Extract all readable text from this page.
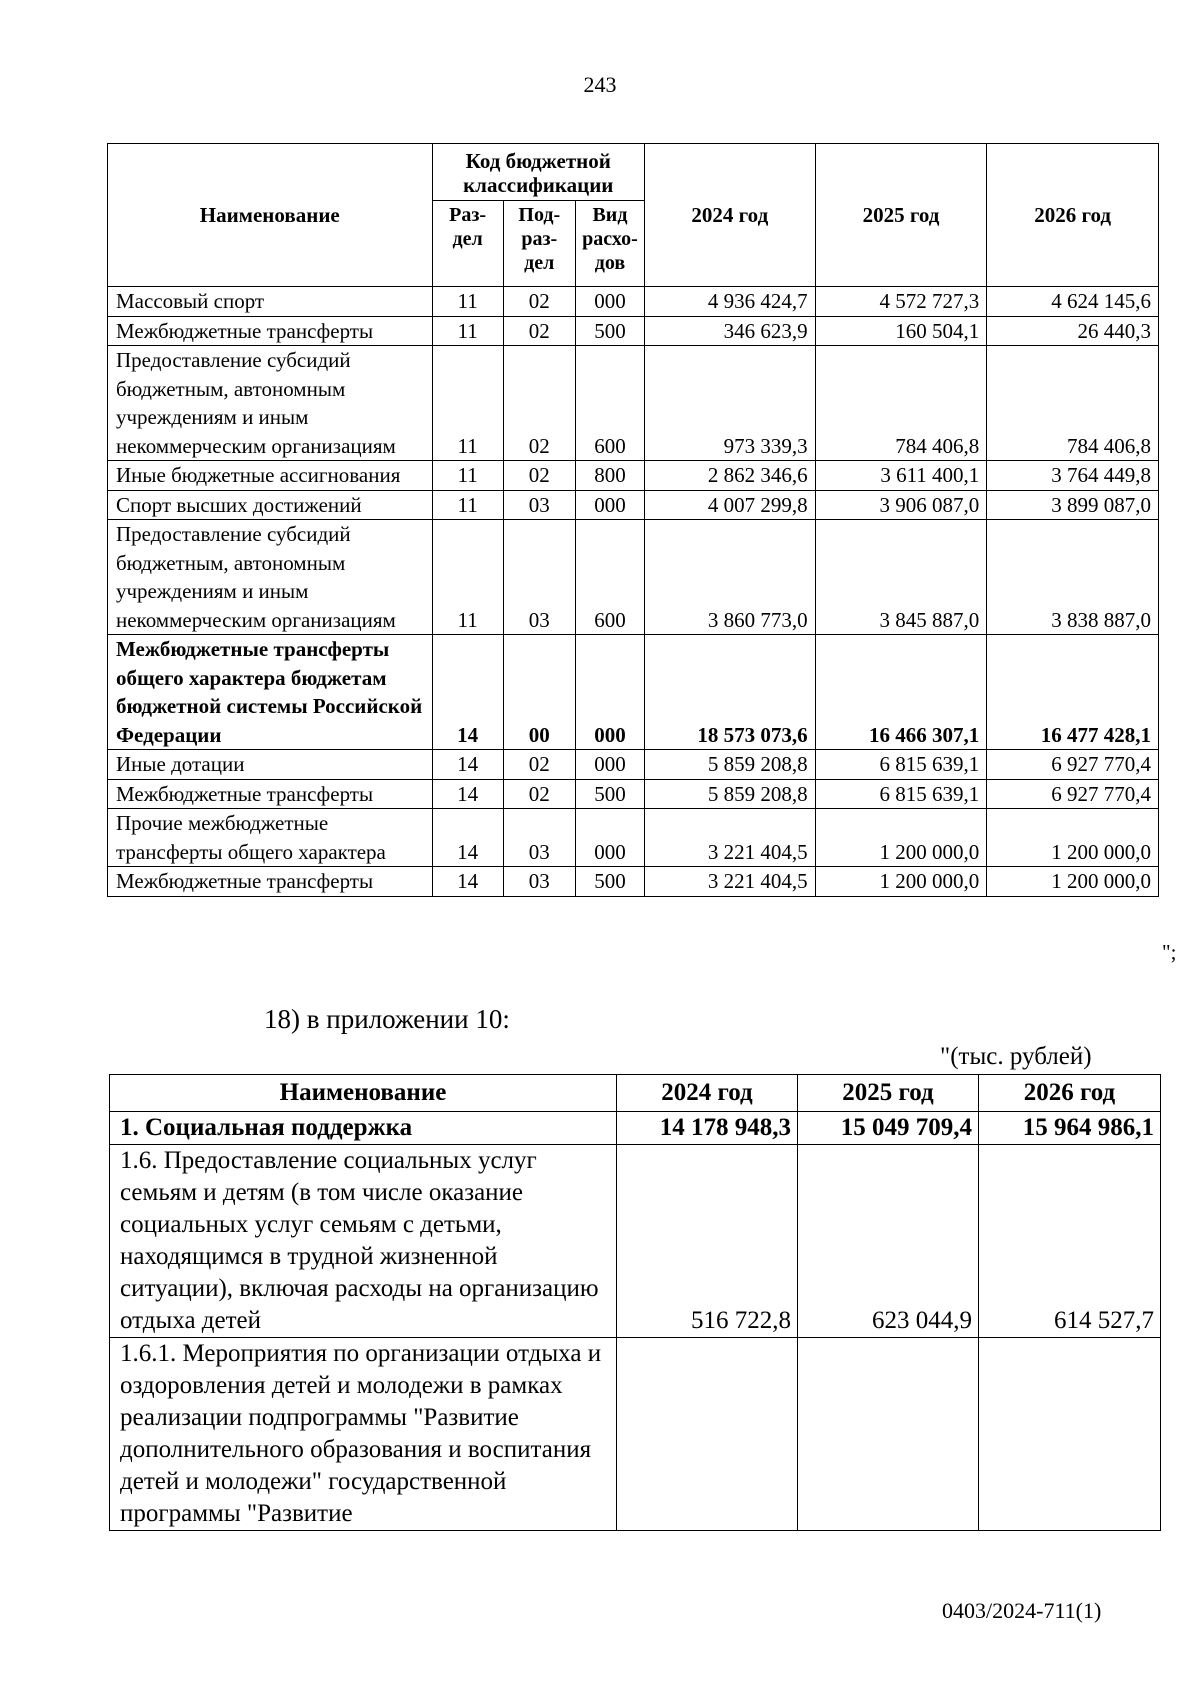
243
Наименование	Код бюджетной классификации			2024 год	2025 год	2026 год
	Раз- дел	Под- раз- дел	Вид расхо- дов			
Массовый спорт	11	02	000	4 936 424,7	4 572 727,3	4 624 145,6
Межбюджетные трансферты	11	02	500	346 623,9	160 504,1	26 440,3
Предоставление субсидий бюджетным, автономным учреждениям и иным некоммерческим организациям	11	02	600	973 339,3	784 406,8	784 406,8
Иные бюджетные ассигнования	11	02	800	2 862 346,6	3 611 400,1	3 764 449,8
Спорт высших достижений	11	03	000	4 007 299,8	3 906 087,0	3 899 087,0
Предоставление субсидий бюджетным, автономным учреждениям и иным некоммерческим организациям	11	03	600	3 860 773,0	3 845 887,0	3 838 887,0
Межбюджетные трансферты общего характера бюджетам бюджетной системы Российской Федерации	14	00	000	18 573 073,6	16 466 307,1	16 477 428,1
Иные дотации	14	02	000	5 859 208,8	6 815 639,1	6 927 770,4
Межбюджетные трансферты	14	02	500	5 859 208,8	6 815 639,1	6 927 770,4
Прочие межбюджетные трансферты общего характера	14	03	000	3 221 404,5	1 200 000,0	1 200 000,0
Межбюджетные трансферты	14	03	500	3 221 404,5	1 200 000,0	1 200 000,0
";
18) в приложении 10:
"(тыс. рублей)
Наименование	2024 год	2025 год	2026 год
1. Социальная поддержка	14 178 948,3	15 049 709,4	15 964 986,1
1.6. Предоставление социальных услуг семьям и детям (в том числе оказание социальных услуг семьям с детьми, находящимся в трудной жизненной ситуации), включая расходы на организацию отдыха детей	516 722,8	623 044,9	614 527,7
1.6.1. Мероприятия по организации отдыха и оздоровления детей и молодежи в рамках реализации подпрограммы "Развитие дополнительного образования и воспитания детей и молодежи" государственной программы "Развитие			
0403/2024-711(1)
